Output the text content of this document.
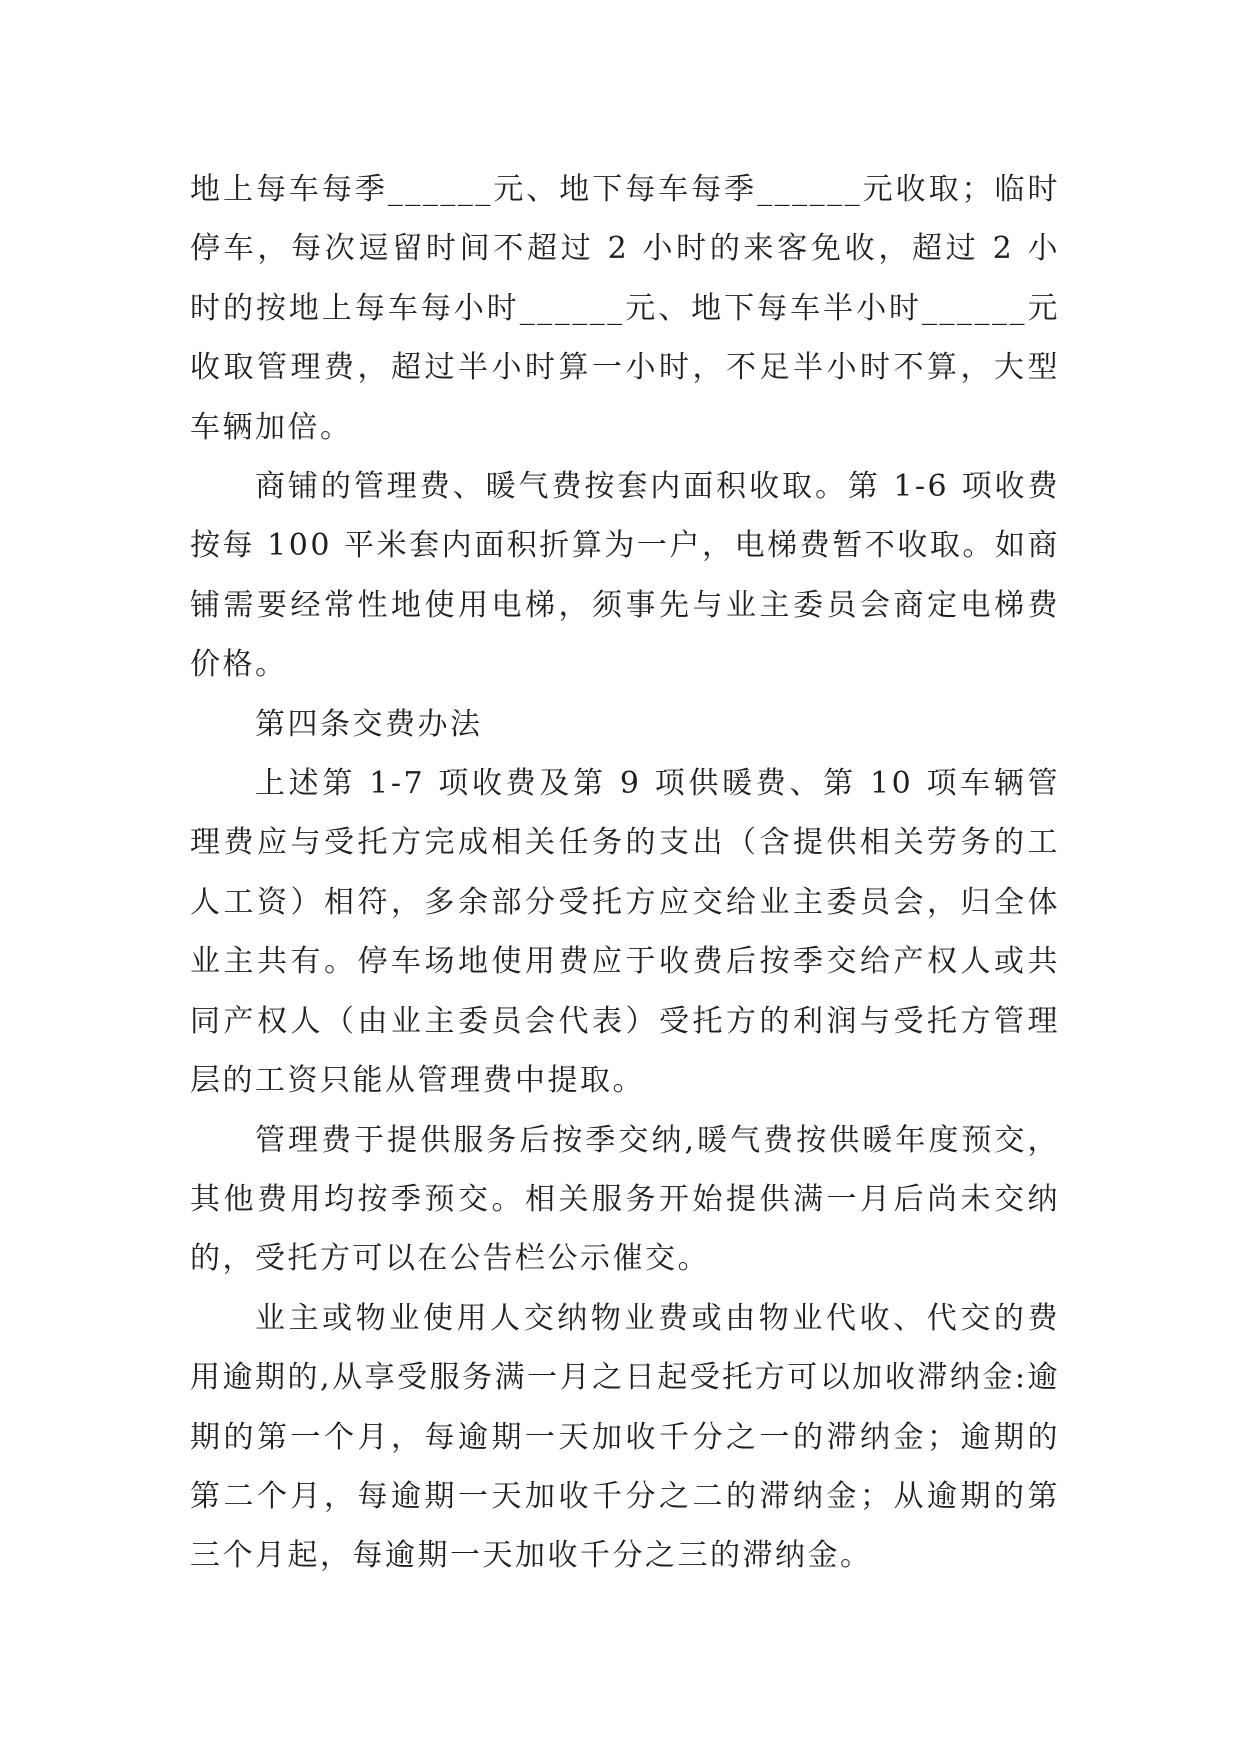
地上每车每季______元、地下每车每季______元收取；临时停车，每次逗留时间不超过 2 小时的来客免收，超过 2 小时的按地上每车每小时______元、地下每车半小时______元收取管理费，超过半小时算一小时，不足半小时不算，大型车辆加倍。

商铺的管理费、暖气费按套内面积收取。第 1-6 项收费按每 100 平米套内面积折算为一户，电梯费暂不收取。如商铺需要经常性地使用电梯，须事先与业主委员会商定电梯费价格。

第四条交费办法

上述第 1-7 项收费及第 9 项供暖费、第 10 项车辆管理费应与受托方完成相关任务的支出（含提供相关劳务的工人工资）相符，多余部分受托方应交给业主委员会，归全体业主共有。停车场地使用费应于收费后按季交给产权人或共同产权人（由业主委员会代表）受托方的利润与受托方管理层的工资只能从管理费中提取。

管理费于提供服务后按季交纳,暖气费按供暖年度预交，其他费用均按季预交。相关服务开始提供满一月后尚未交纳的，受托方可以在公告栏公示催交。

业主或物业使用人交纳物业费或由物业代收、代交的费用逾期的,从享受服务满一月之日起受托方可以加收滞纳金:逾期的第一个月，每逾期一天加收千分之一的滞纳金；逾期的第二个月，每逾期一天加收千分之二的滞纳金；从逾期的第三个月起，每逾期一天加收千分之三的滞纳金。
